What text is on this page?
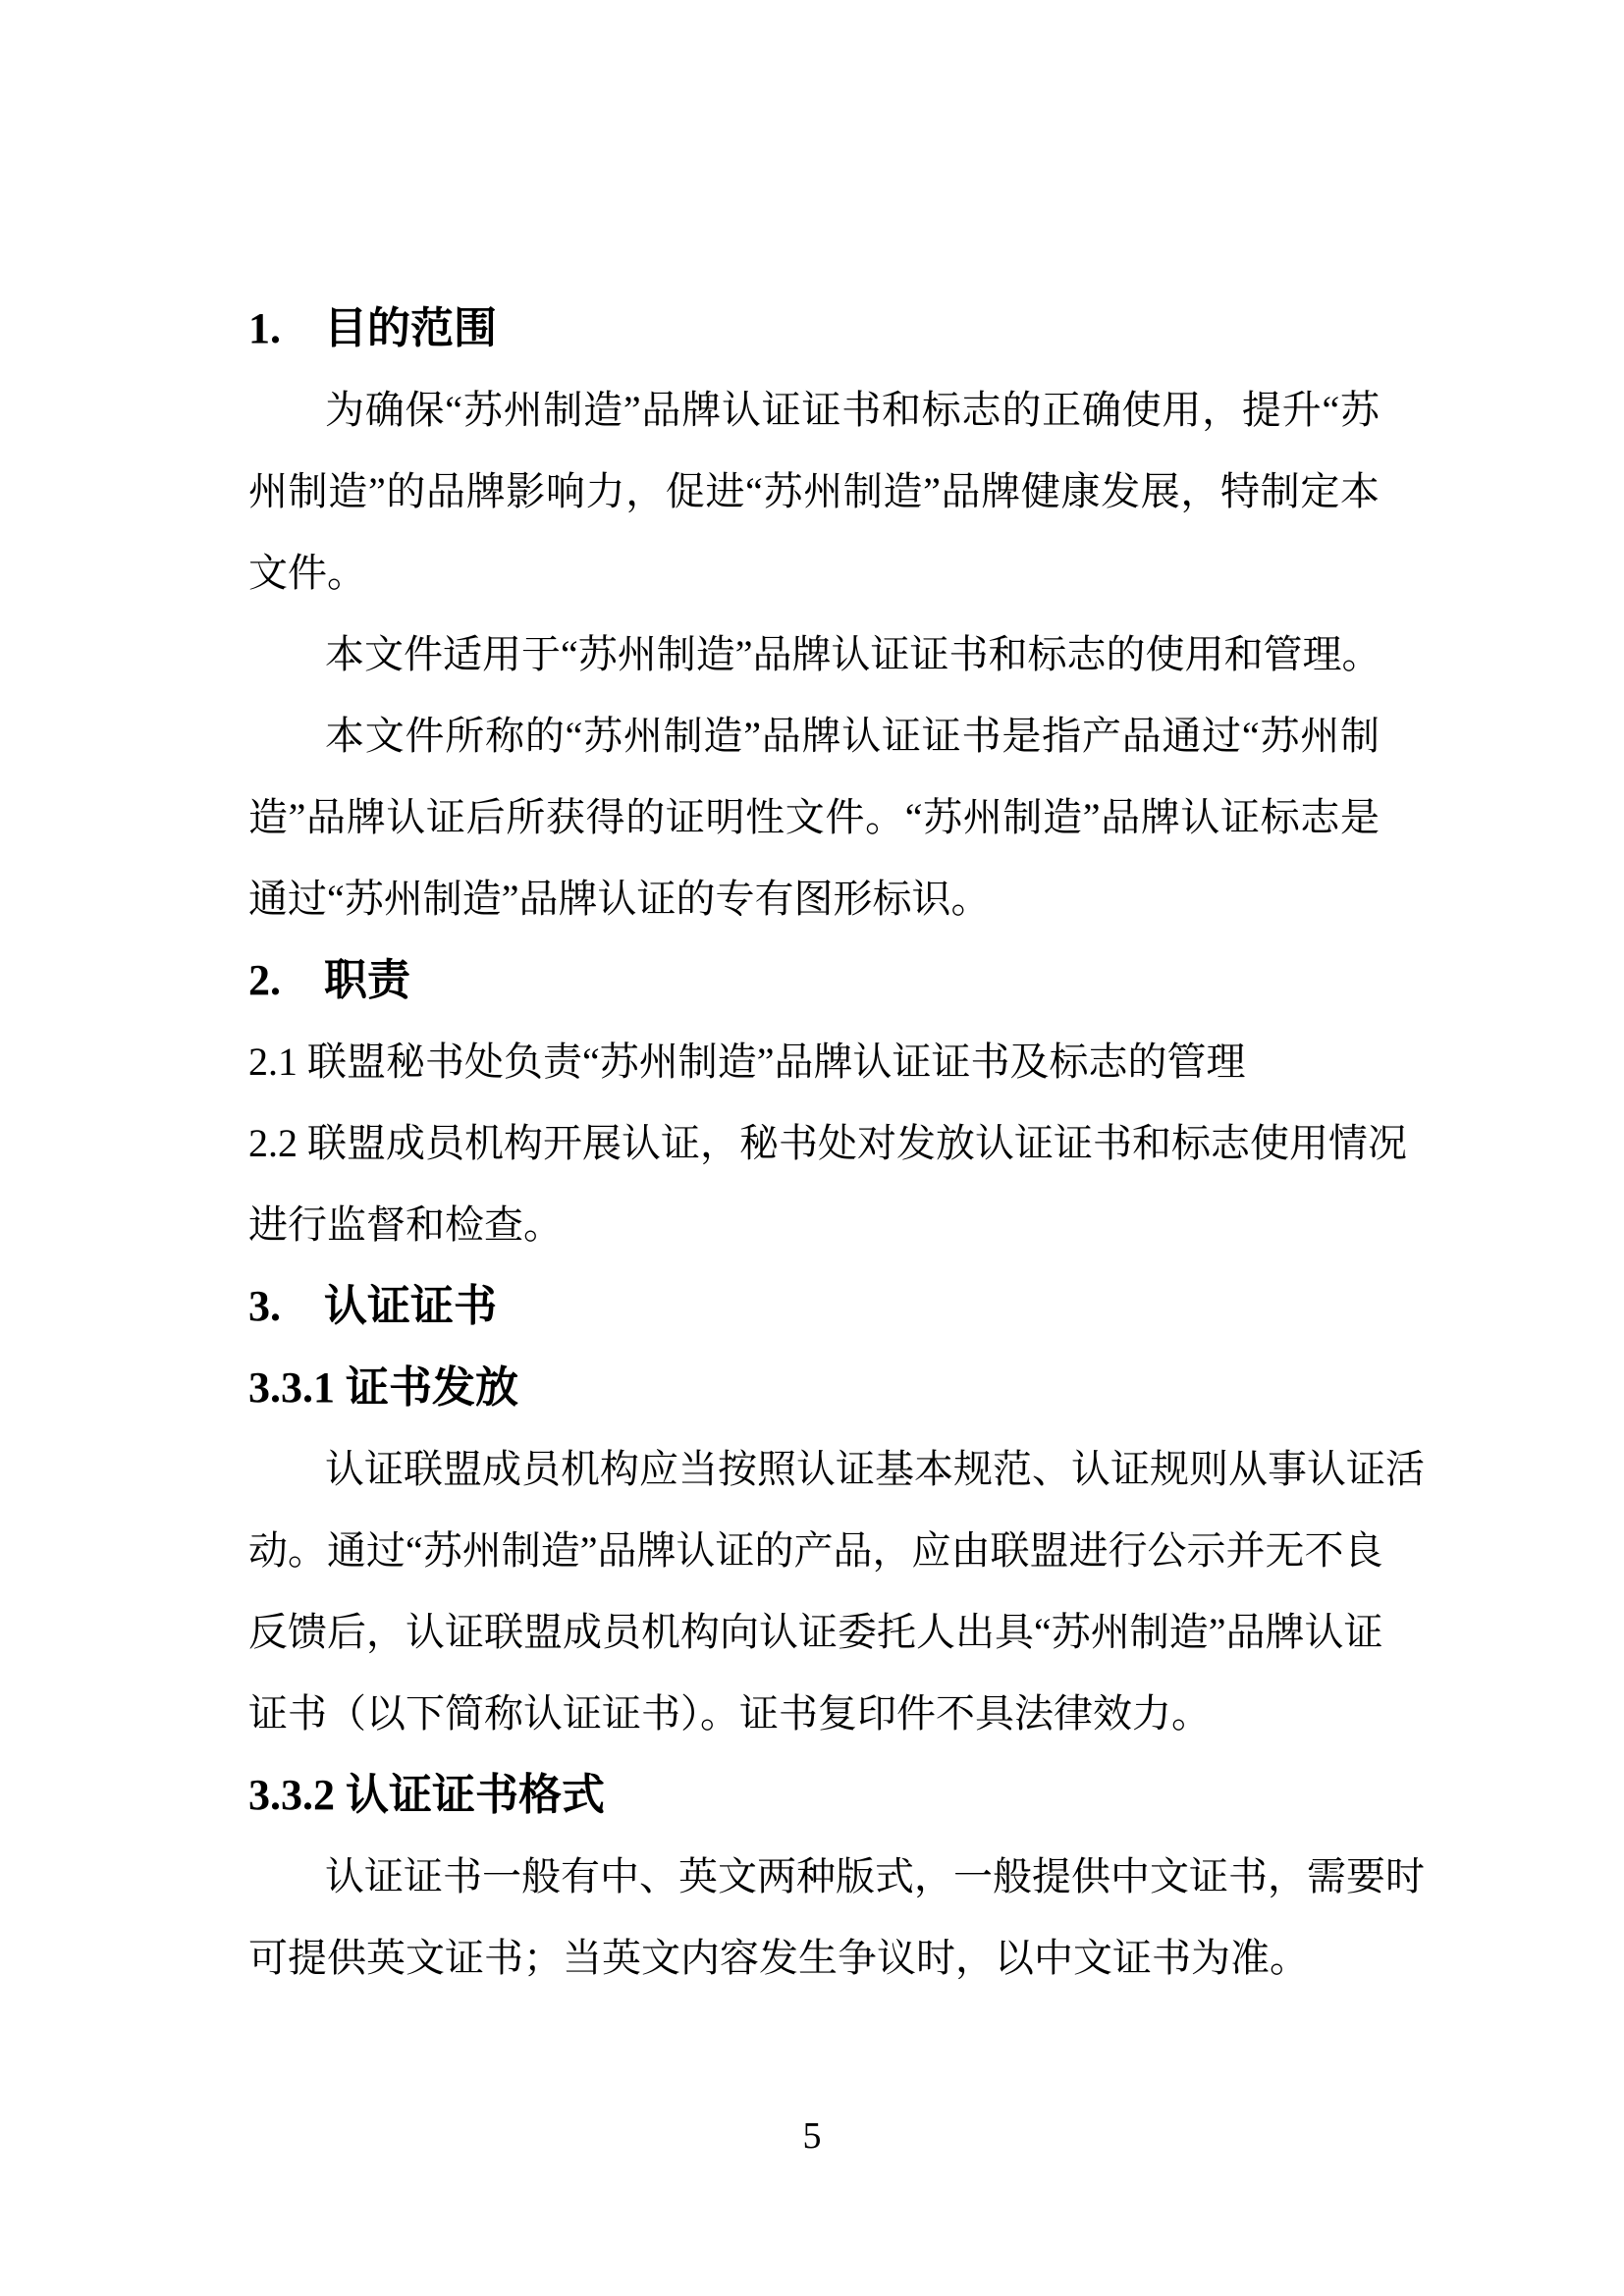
1.　目的范围
为确保“苏州制造”品牌认证证书和标志的正确使用，提升“苏
州制造”的品牌影响力，促进“苏州制造”品牌健康发展，特制定本
文件。
本文件适用于“苏州制造”品牌认证证书和标志的使用和管理。
本文件所称的“苏州制造”品牌认证证书是指产品通过“苏州制
造”品牌认证后所获得的证明性文件。“苏州制造”品牌认证标志是
通过“苏州制造”品牌认证的专有图形标识。
2.　职责
2.1 联盟秘书处负责“苏州制造”品牌认证证书及标志的管理
2.2 联盟成员机构开展认证，秘书处对发放认证证书和标志使用情况
进行监督和检查。
3.　认证证书
3.3.1 证书发放
认证联盟成员机构应当按照认证基本规范、认证规则从事认证活
动。通过“苏州制造”品牌认证的产品，应由联盟进行公示并无不良
反馈后，认证联盟成员机构向认证委托人出具“苏州制造”品牌认证
证书（以下简称认证证书）。证书复印件不具法律效力。
3.3.2 认证证书格式
认证证书一般有中、英文两种版式，一般提供中文证书，需要时
可提供英文证书；当英文内容发生争议时，以中文证书为准。
5
